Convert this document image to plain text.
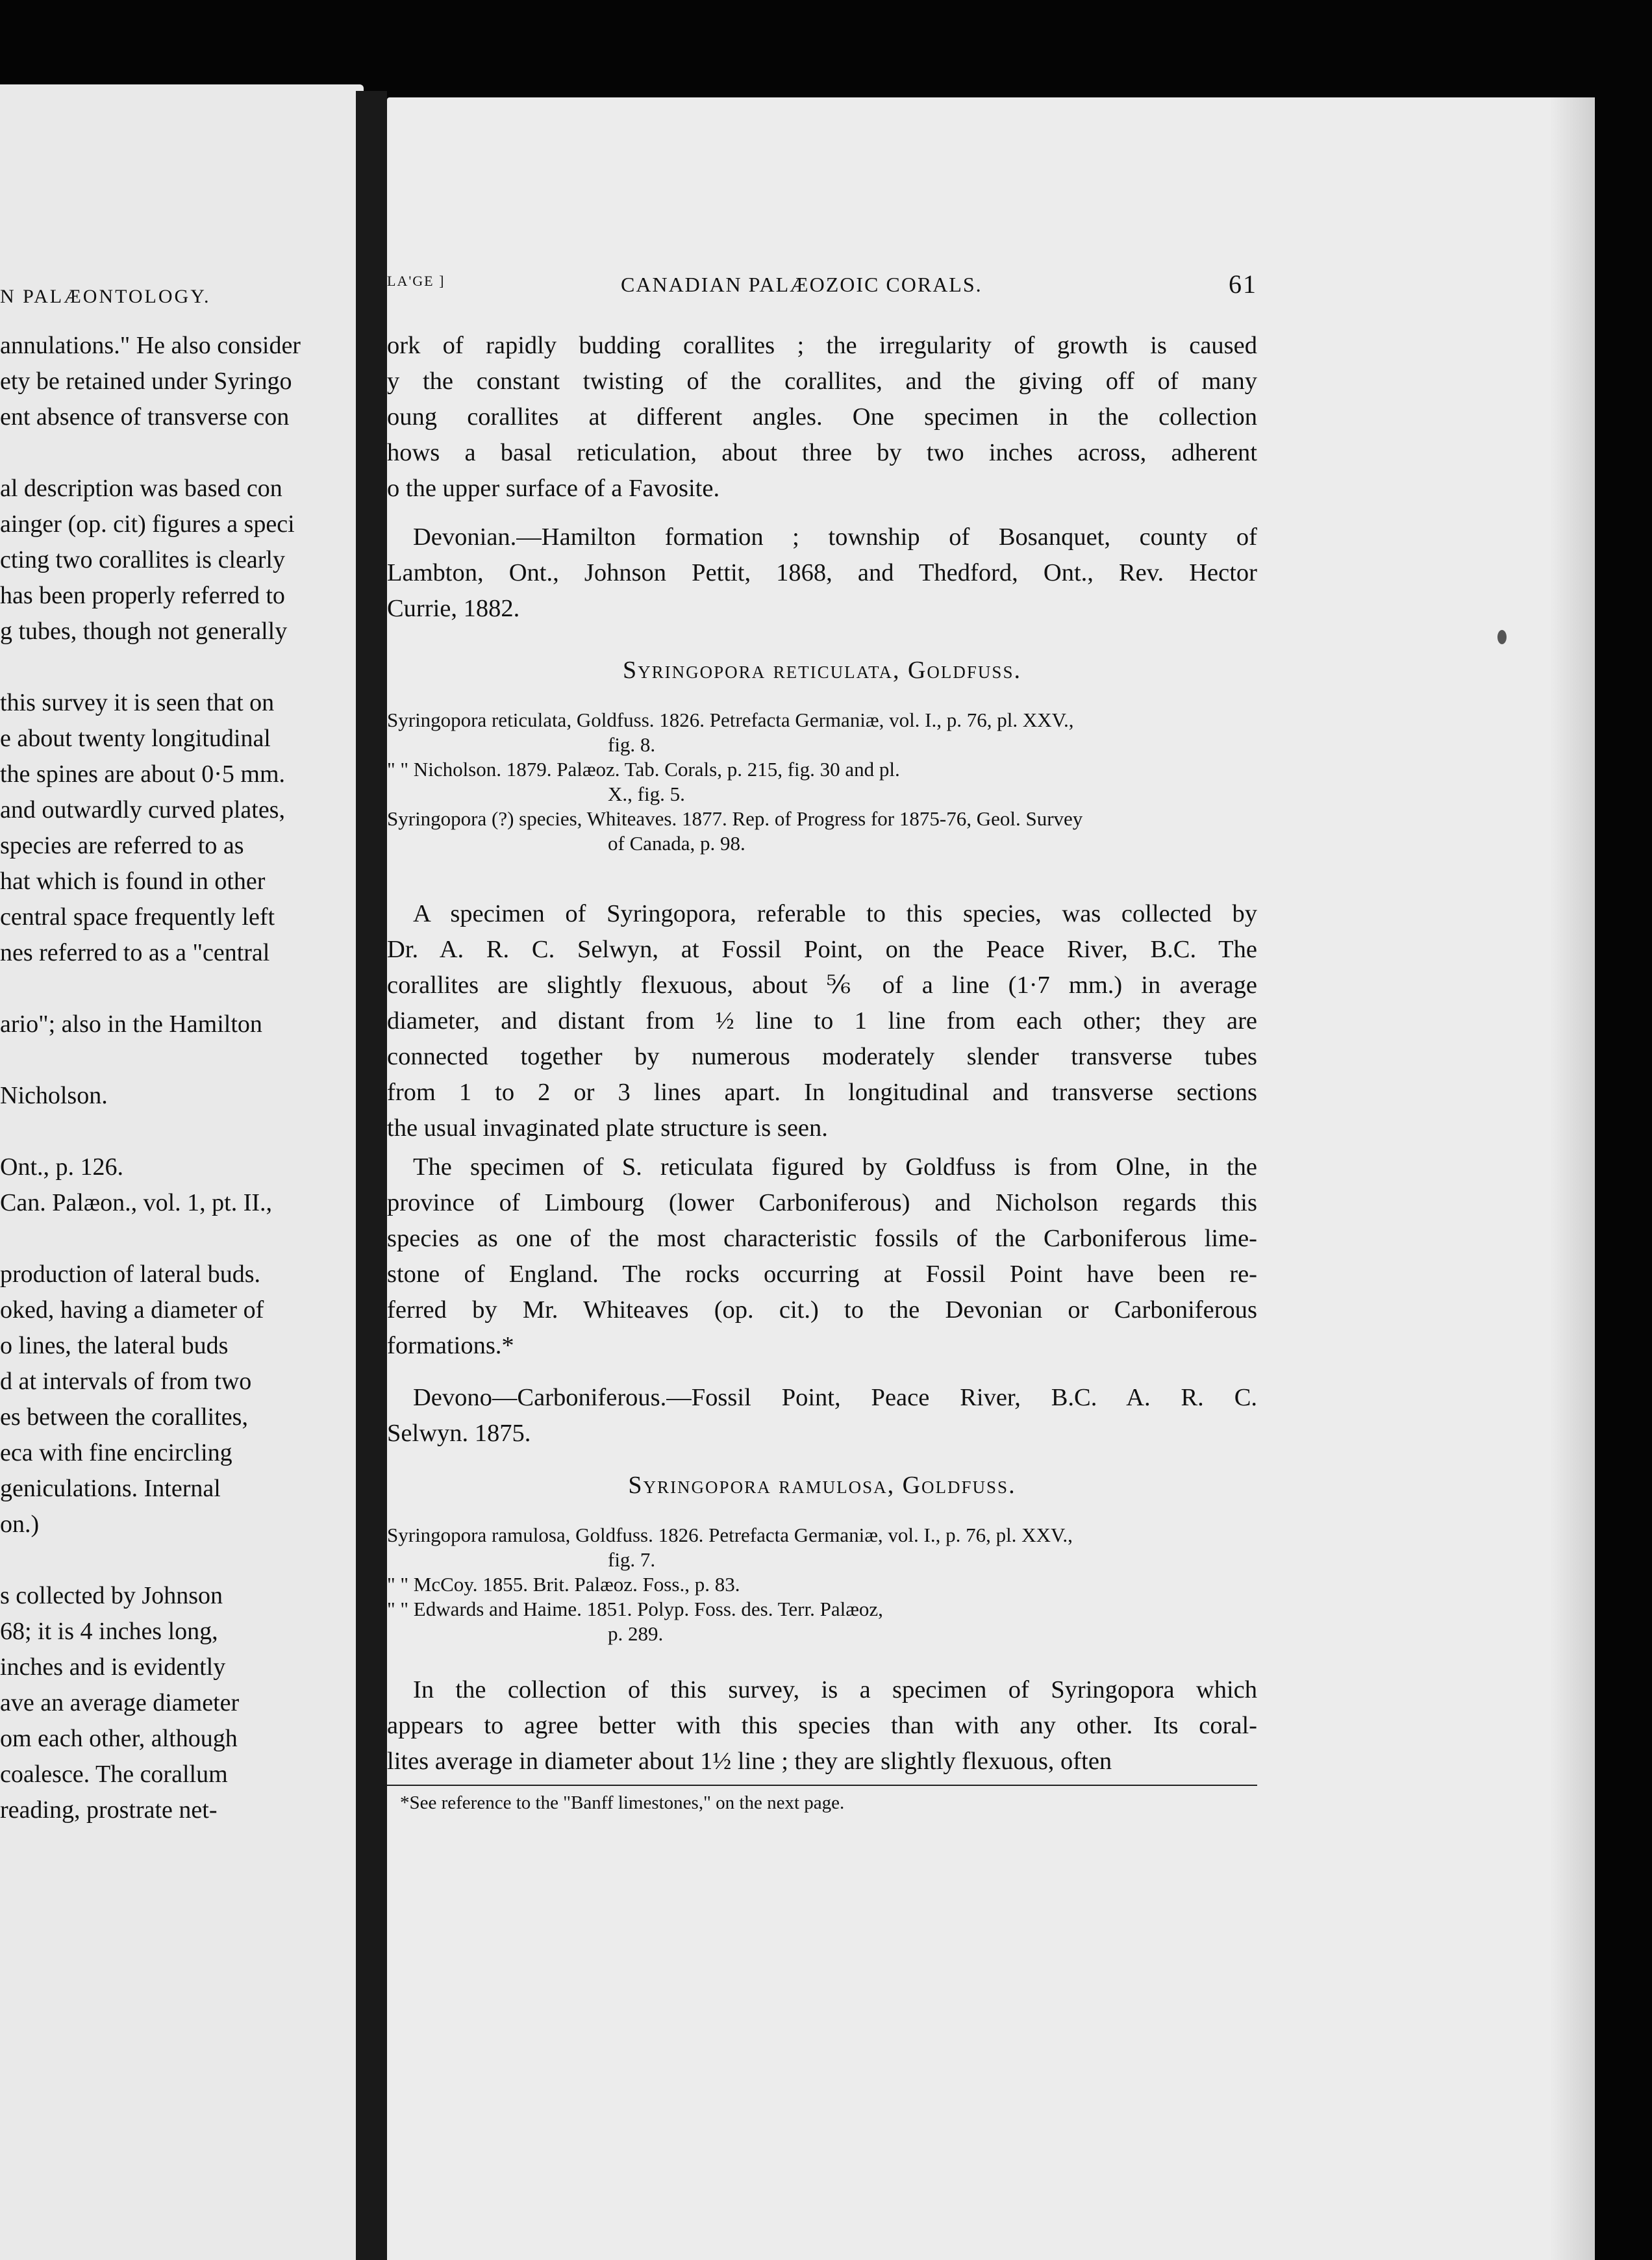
N PALÆONTOLOGY.
annulations." He also consider
ety be retained under Syringo
ent absence of transverse con
al description was based con
ainger (op. cit) figures a speci
cting two corallites is clearly
has been properly referred to
g tubes, though not generally
this survey it is seen that on
e about twenty longitudinal
the spines are about 0·5 mm.
and outwardly curved plates,
species are referred to as
hat which is found in other
central space frequently left
nes referred to as a "central
ario"; also in the Hamilton
Nicholson.
Ont., p. 126.
Can. Palæon., vol. 1, pt. II.,
production of lateral buds.
oked, having a diameter of
o lines, the lateral buds
d at intervals of from two
es between the corallites,
eca with fine encircling
geniculations. Internal
on.)
s collected by Johnson
68; it is 4 inches long,
inches and is evidently
ave an average diameter
om each other, although
coalesce. The corallum
reading, prostrate net-
LA'GE ]	CANADIAN PALÆOZOIC CORALS.	61
ork of rapidly budding corallites ; the irregularity of growth is caused
y the constant twisting of the corallites, and the giving off of many
oung corallites at different angles. One specimen in the collection
hows a basal reticulation, about three by two inches across, adherent
o the upper surface of a Favosite.
Devonian.—Hamilton formation ; township of Bosanquet, county of
Lambton, Ont., Johnson Pettit, 1868, and Thedford, Ont., Rev. Hector
Currie, 1882.
Syringopora reticulata, Goldfuss.
Syringopora reticulata, Goldfuss. 1826. Petrefacta Germaniæ, vol. I., p. 76, pl. XXV.,
fig. 8.
" " Nicholson. 1879. Palæoz. Tab. Corals, p. 215, fig. 30 and pl.
X., fig. 5.
Syringopora (?) species, Whiteaves. 1877. Rep. of Progress for 1875-76, Geol. Survey
of Canada, p. 98.
A specimen of Syringopora, referable to this species, was collected by
Dr. A. R. C. Selwyn, at Fossil Point, on the Peace River, B.C. The
corallites are slightly flexuous, about ⅚ of a line (1·7 mm.) in average
diameter, and distant from ½ line to 1 line from each other; they are
connected together by numerous moderately slender transverse tubes
from 1 to 2 or 3 lines apart. In longitudinal and transverse sections
the usual invaginated plate structure is seen.
The specimen of S. reticulata figured by Goldfuss is from Olne, in the
province of Limbourg (lower Carboniferous) and Nicholson regards this
species as one of the most characteristic fossils of the Carboniferous lime-
stone of England. The rocks occurring at Fossil Point have been re-
ferred by Mr. Whiteaves (op. cit.) to the Devonian or Carboniferous
formations.*
Devono—Carboniferous.—Fossil Point, Peace River, B.C. A. R. C.
Selwyn. 1875.
Syringopora ramulosa, Goldfuss.
Syringopora ramulosa, Goldfuss. 1826. Petrefacta Germaniæ, vol. I., p. 76, pl. XXV.,
fig. 7.
" " McCoy. 1855. Brit. Palæoz. Foss., p. 83.
" " Edwards and Haime. 1851. Polyp. Foss. des. Terr. Palæoz,
p. 289.
In the collection of this survey, is a specimen of Syringopora which
appears to agree better with this species than with any other. Its coral-
lites average in diameter about 1½ line ; they are slightly flexuous, often
*See reference to the "Banff limestones," on the next page.
